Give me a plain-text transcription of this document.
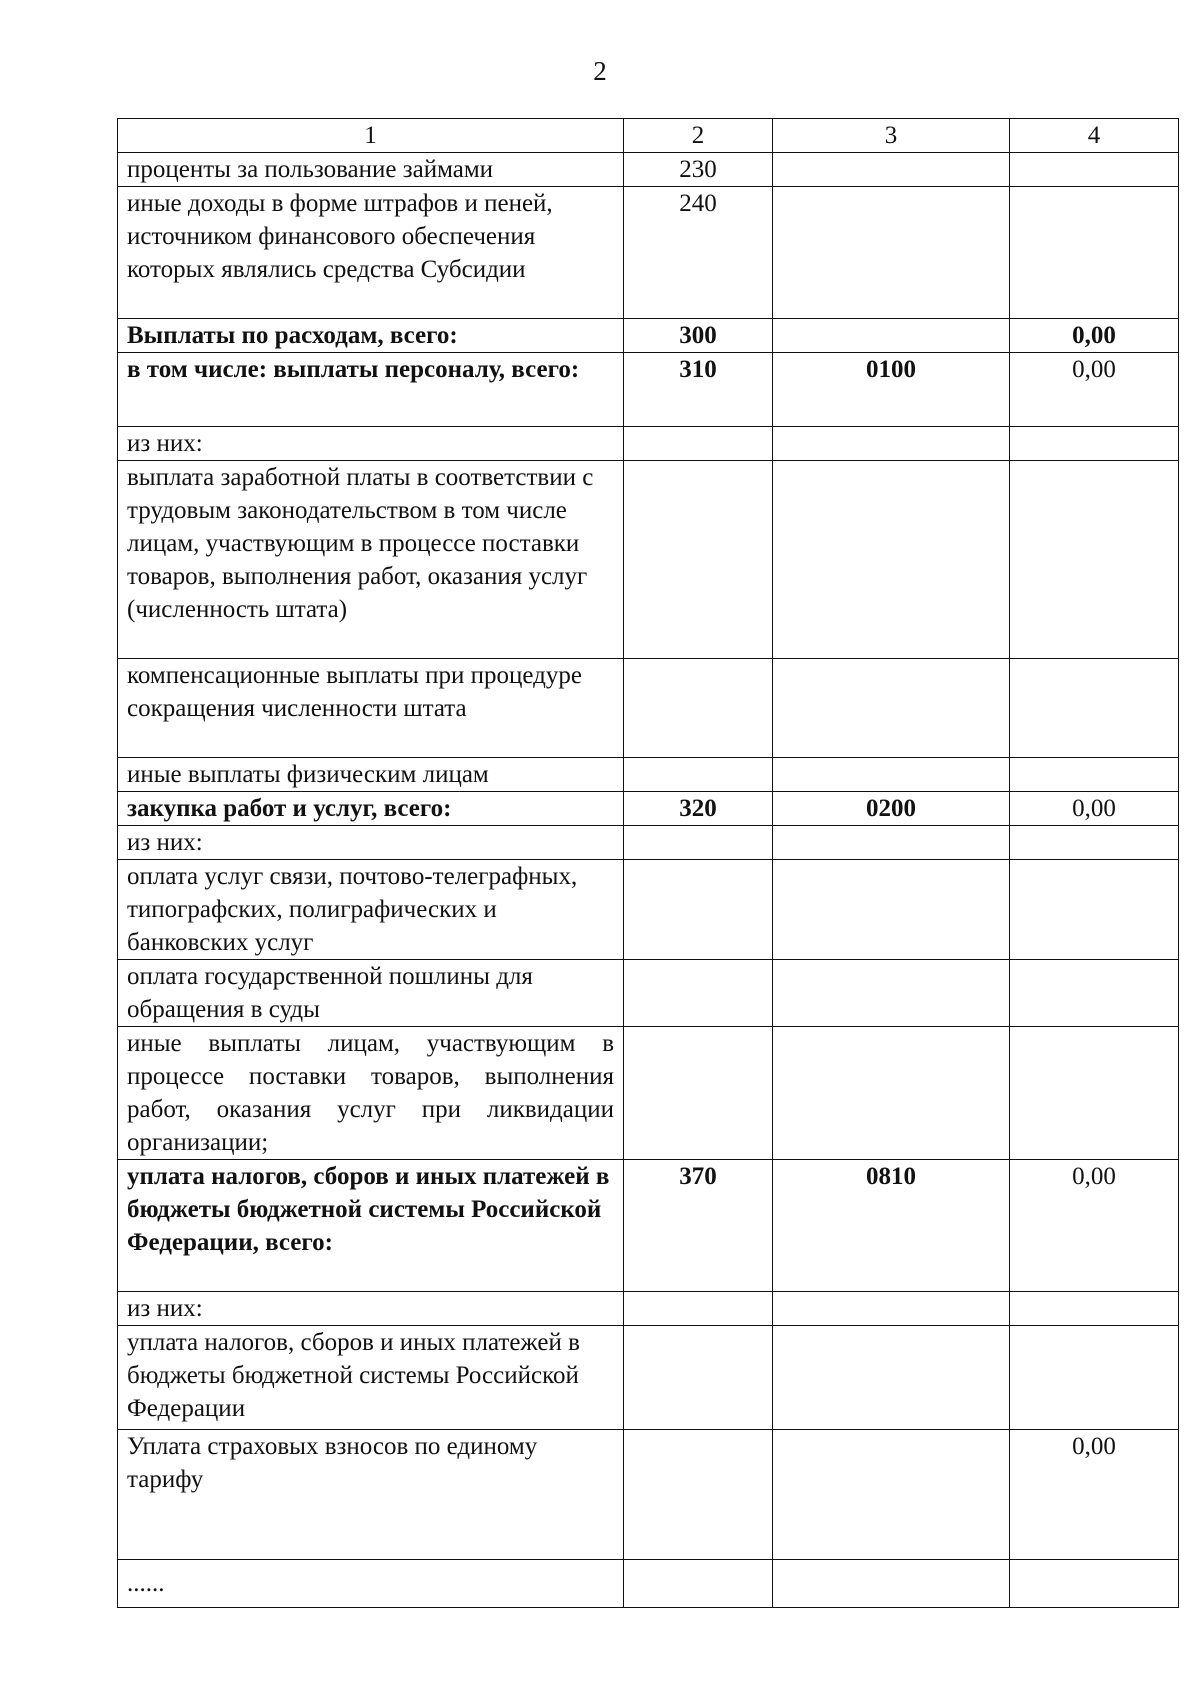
2
1	2	3	4
проценты за пользование займами	230		
иные доходы в форме штрафов и пеней, источником финансового обеспечения которых являлись средства Субсидии	240		
Выплаты по расходам, всего:	300		0,00
в том числе: выплаты персоналу, всего:	310	0100	0,00
из них:			
выплата заработной платы в соответствии с трудовым законодательством в том числе лицам, участвующим в процессе поставки товаров, выполнения работ, оказания услуг (численность штата)			
компенсационные выплаты при процедуре сокращения численности штата			
иные выплаты физическим лицам			
закупка работ и услуг, всего:	320	0200	0,00
из них:			
оплата услуг связи, почтово-телеграфных, типографских, полиграфических и банковских услуг			
оплата государственной пошлины для обращения в суды			
иные выплаты лицам, участвующим в процессе поставки товаров, выполнения работ, оказания услуг при ликвидации организации;			
уплата налогов, сборов и иных платежей в бюджеты бюджетной системы Российской Федерации, всего:	370	0810	0,00
из них:			
уплата налогов, сборов и иных платежей в бюджеты бюджетной системы Российской Федерации			
Уплата страховых взносов по единому тарифу			0,00
......			
